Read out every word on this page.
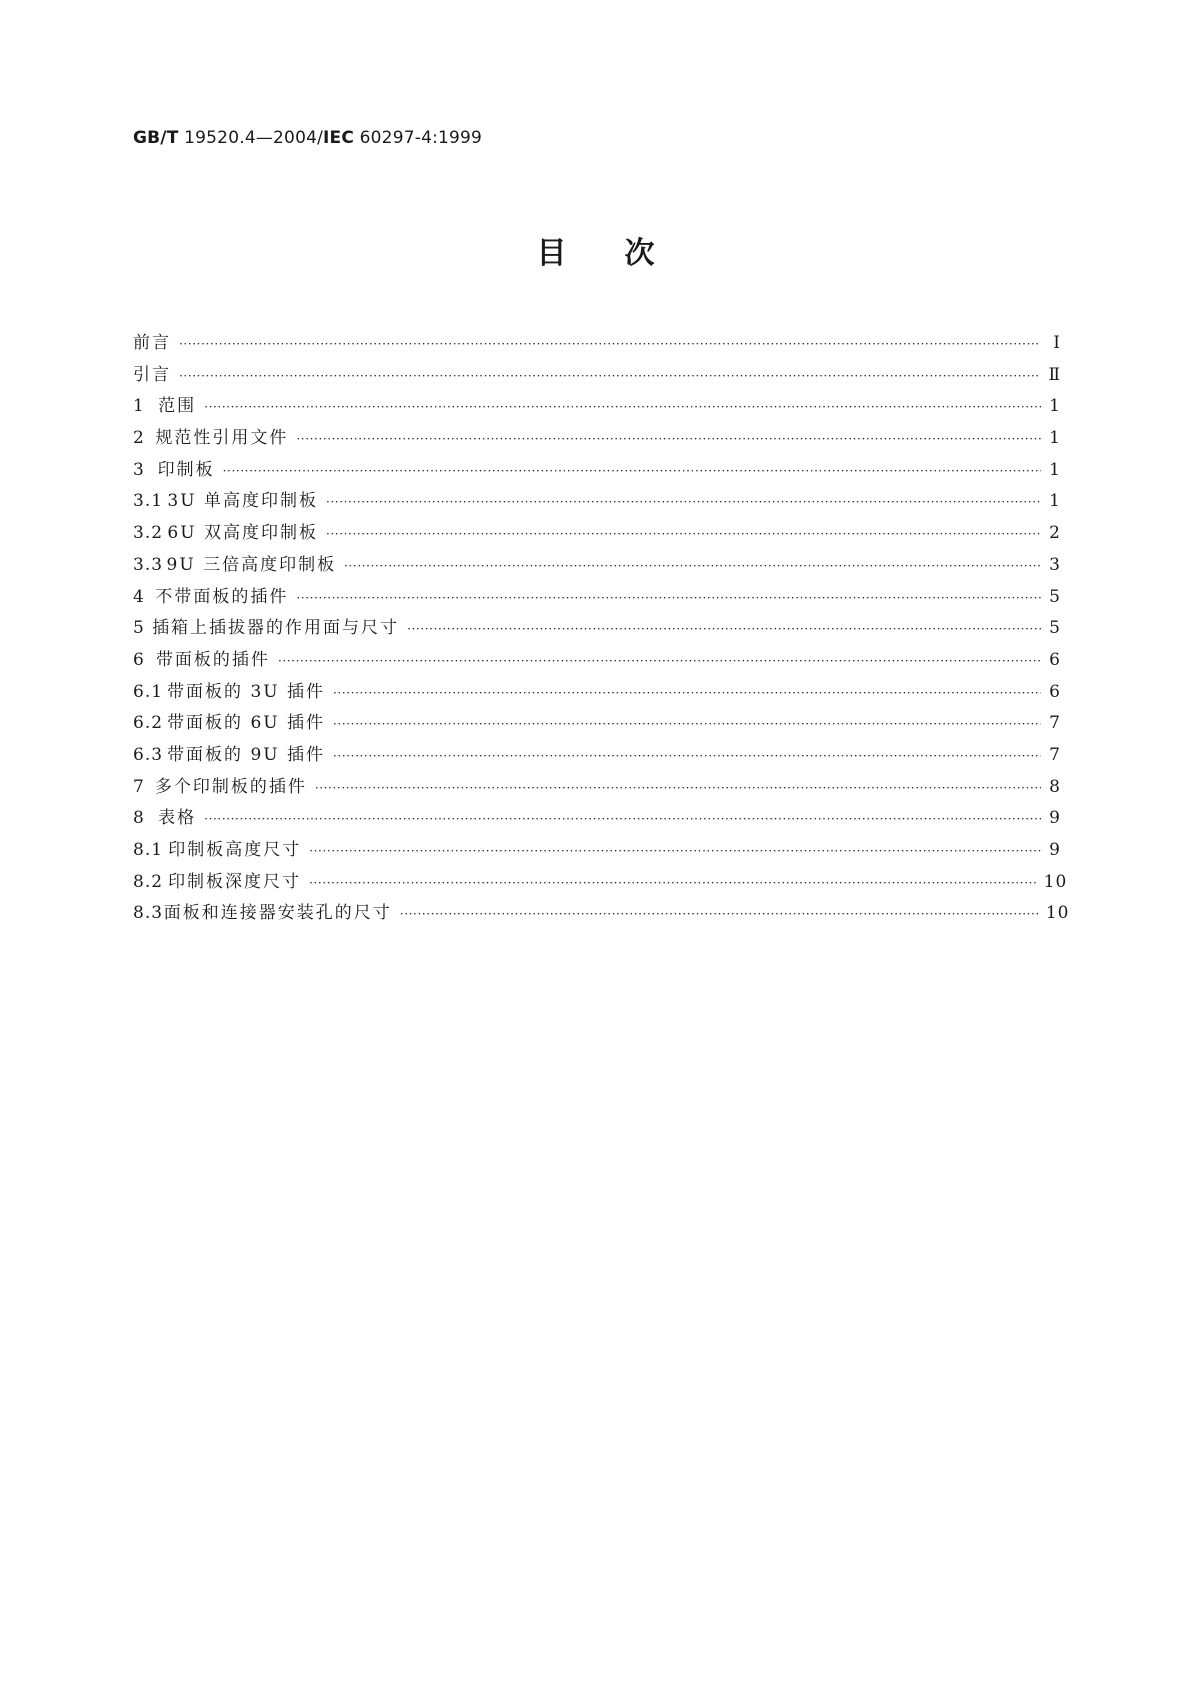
GB/T 19520.4—2004/IEC 60297-4:1999
目次
前言 ·····	Ⅰ
引言 ·····	Ⅱ
1 范围 ·····	1
2 规范性引用文件 ·····	1
3 印制板 ·····	1
3.1 3U 单高度印制板 ·····	1
3.2 6U 双高度印制板 ·····	2
3.3 9U 三倍高度印制板 ·····	3
4 不带面板的插件 ·····	5
5 插箱上插拔器的作用面与尺寸 ·····	5
6 带面板的插件 ·····	6
6.1 带面板的 3U 插件 ·····	6
6.2 带面板的 6U 插件 ·····	7
6.3 带面板的 9U 插件 ·····	7
7 多个印制板的插件 ·····	8
8 表格 ·····	9
8.1 印制板高度尺寸 ·····	9
8.2 印制板深度尺寸 ·····	10
8.3 面板和连接器安装孔的尺寸 ·····	10
